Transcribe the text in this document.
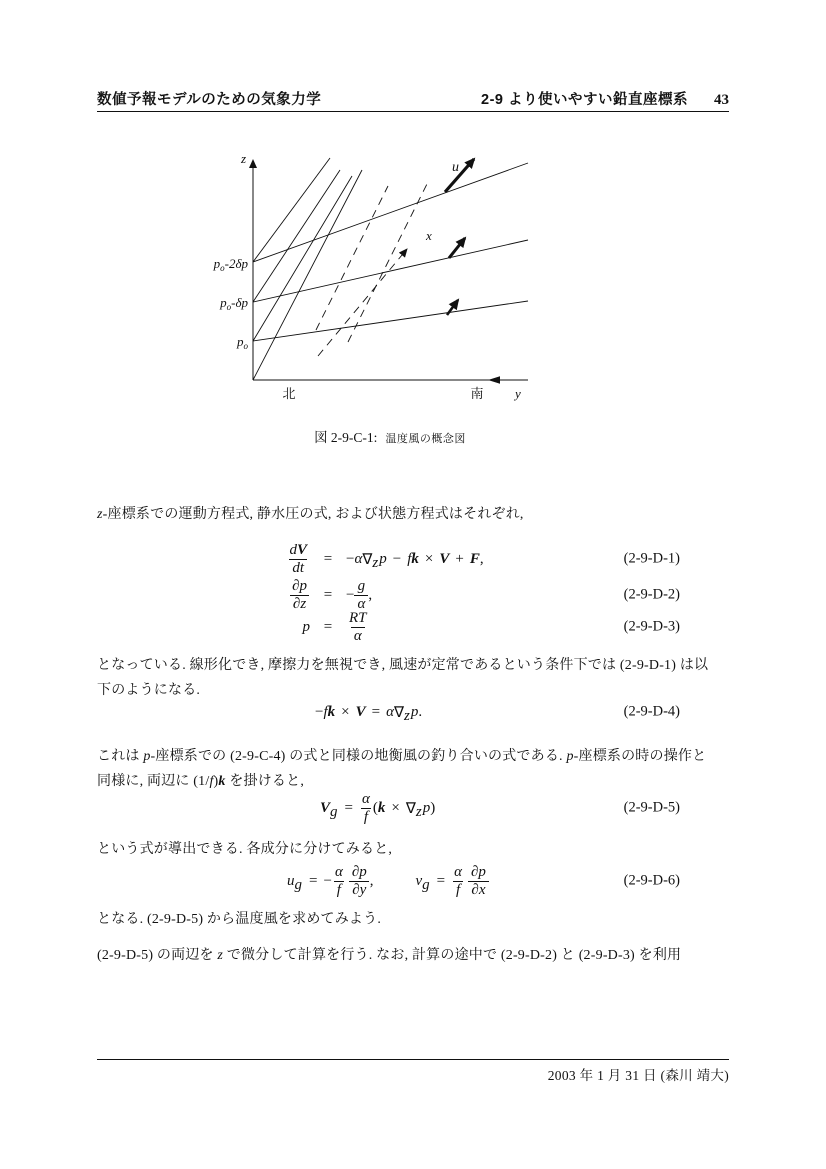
数値予報モデルのための気象力学	2-9 より使いやすい鉛直座標系 43
z
y
x
u
北	南
$p_o-2\delta p$
$p_o-\delta p$
$p_o$
図 2-9-C-1: 温度風の概念図
z-座標系での運動方程式, 静水圧の式, および状態方程式はそれぞれ,
$\frac{dV}{dt}$ = − α ∇ z p − f k × V + F ,	(2-9-D-1)
$\frac{\partial p}{\partial z}$ = − $\frac{g}{\alpha}$ ,	(2-9-D-2)
$p = \frac{RT}{\alpha}$	(2-9-D-3)
となっている. 線形化でき, 摩擦力を無視でき, 風速が定常であるという条件下では (2-9-D-1) は以
下のようになる.
− f k × V = α ∇ z p .	(2-9-D-4)
これは p-座標系での (2-9-C-4) の式と同様の地衡風の釣り合いの式である. p-座標系の時の操作と
同様に, 両辺に (1/f)k を掛けると,
V $g = \frac{\alpha}{f}$ ( k × ∇ z p )	(2-9-D-5)
という式が導出できる. 各成分に分けてみると,
u g = − $\frac{\alpha}{f} \frac{\partial p}{\partial y}$ ,	v $g = \frac{\alpha}{f} \frac{\partial p}{\partial x}$	(2-9-D-6)
となる. (2-9-D-5) から温度風を求めてみよう.
(2-9-D-5) の両辺を z で微分して計算を行う. なお, 計算の途中で (2-9-D-2) と (2-9-D-3) を利用
2003 年 1 月 31 日 (森川 靖大)
